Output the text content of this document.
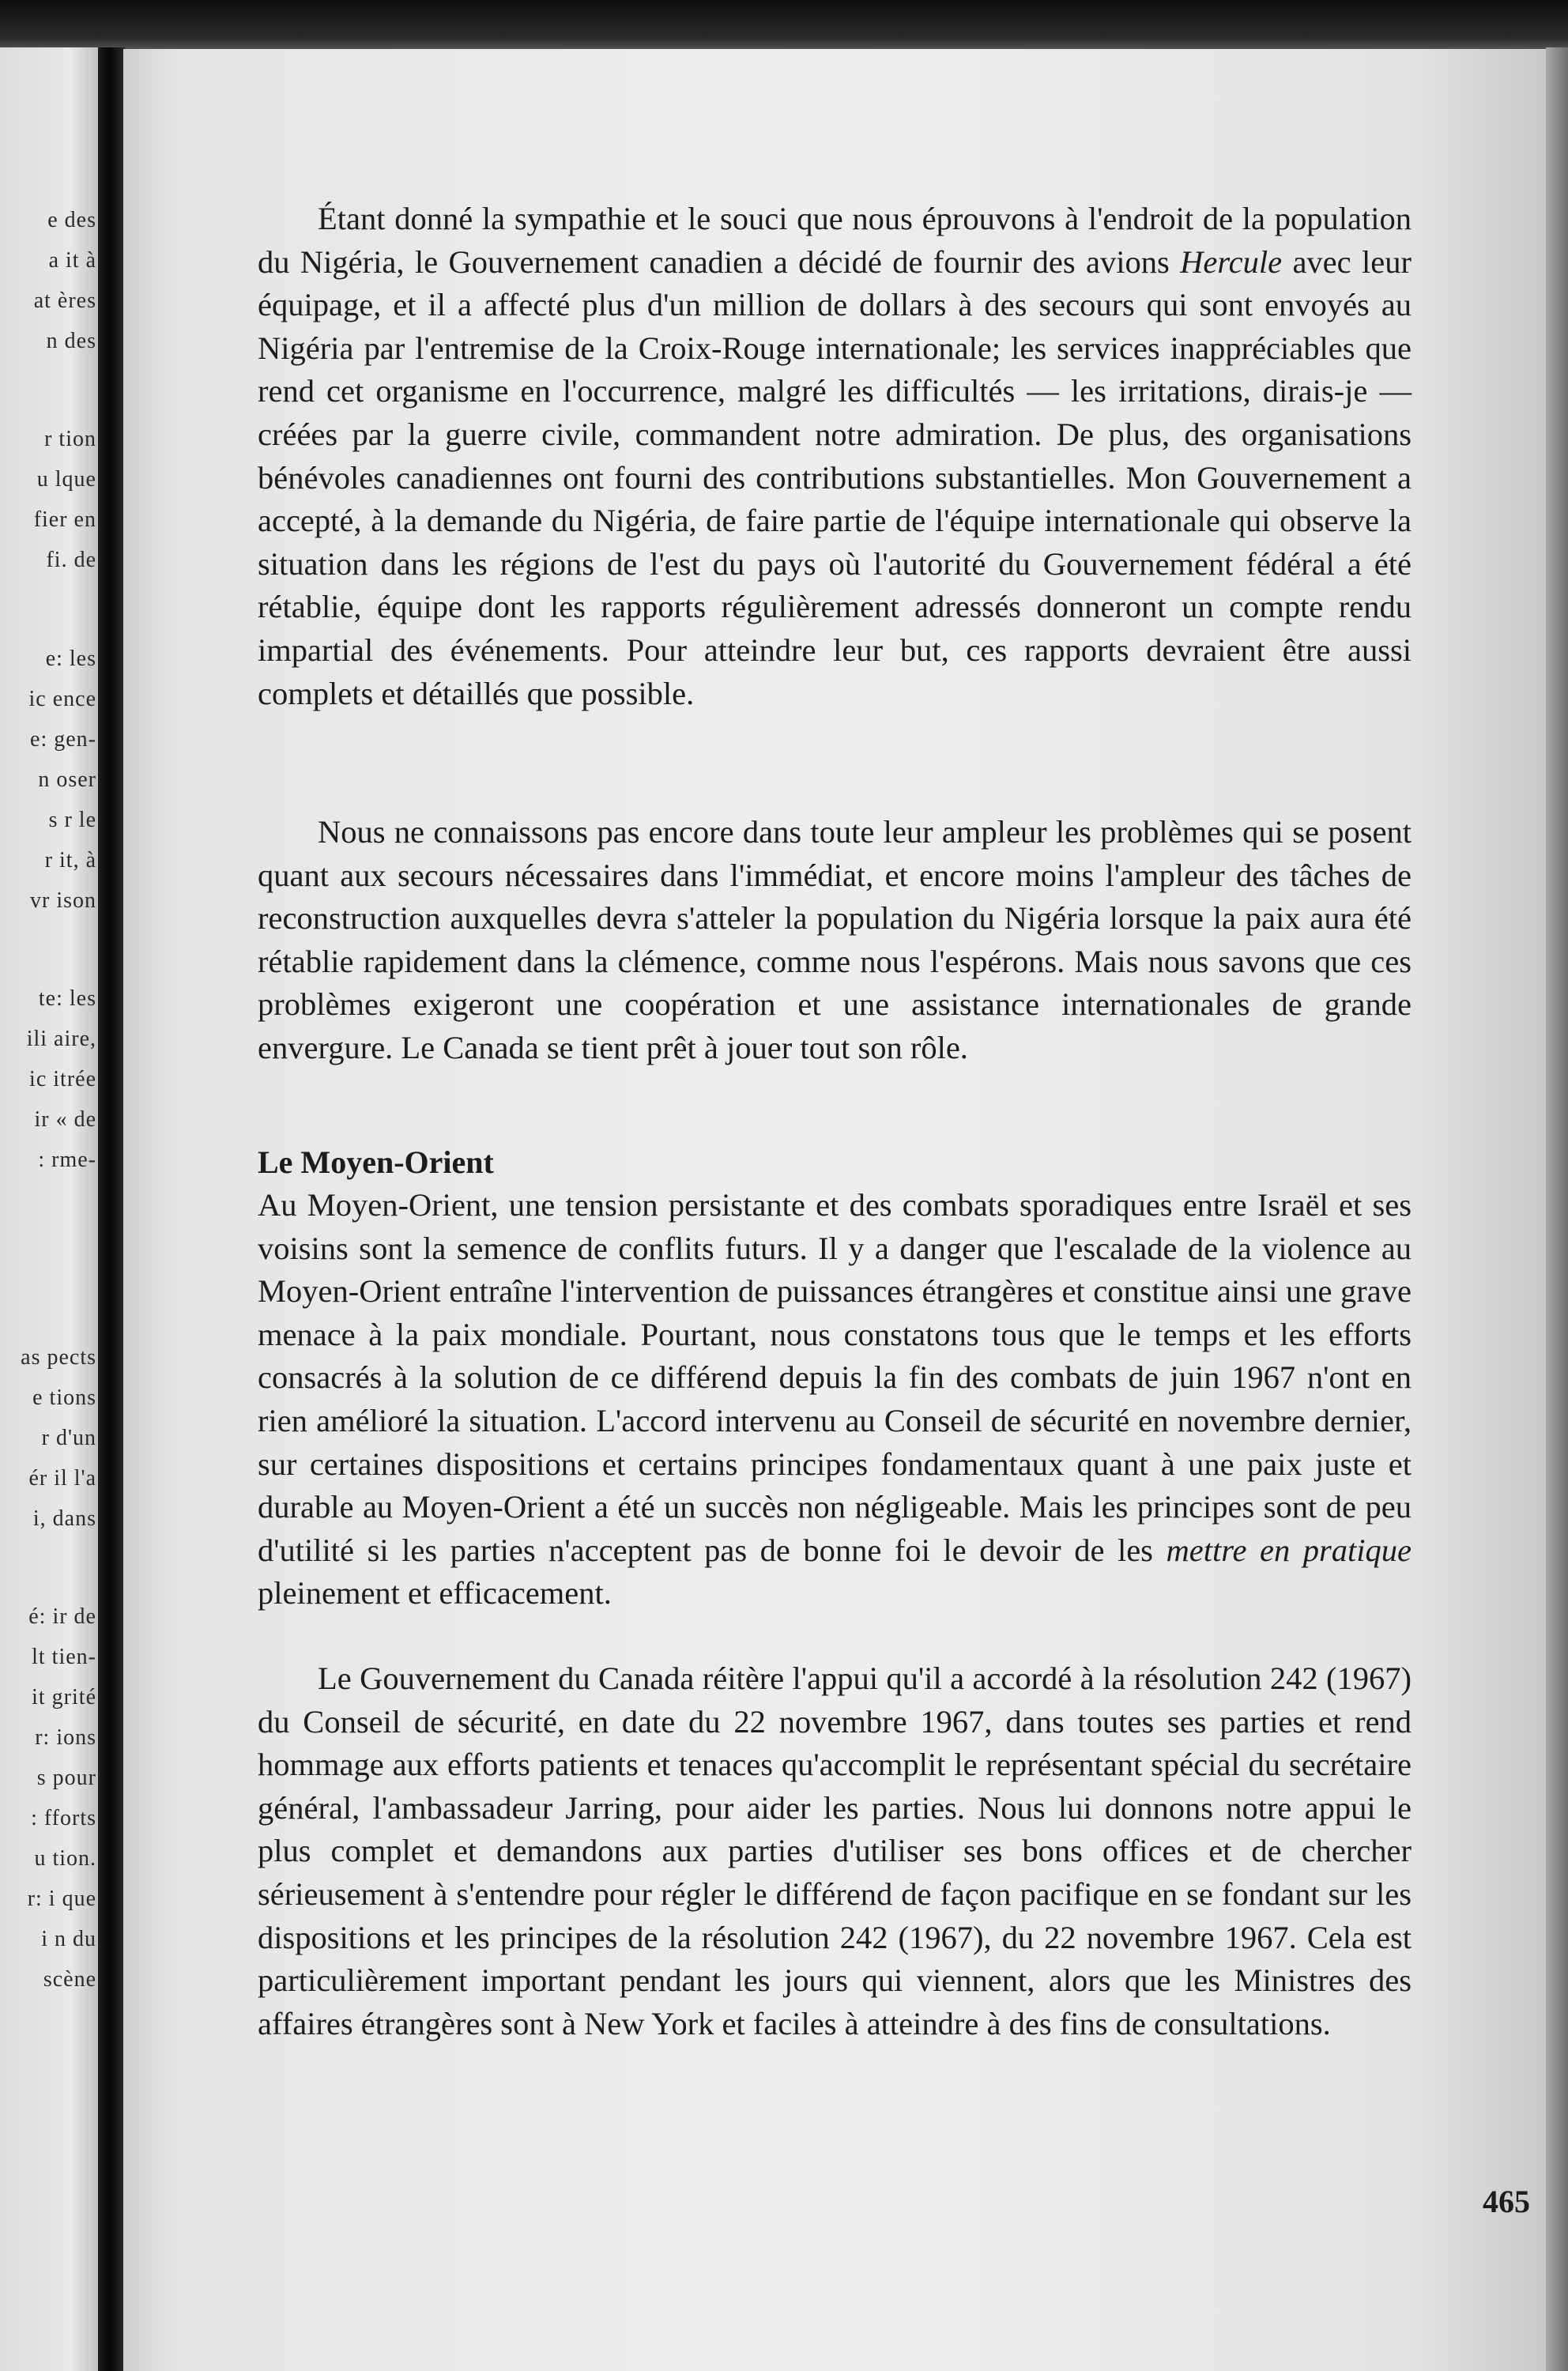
e des
a it à
at ères
n des
r tion
u lque
fier en
fi. de
e: les
ic ence
e: gen-
n oser
s r le
r it, à
vr ison
te: les
ili aire,
ic itrée
ir « de
: rme-
as pects
e tions
r d'un
ér il l'a
i, dans
é: ir de
lt tien-
it grité
r: ions
s pour
: fforts
u tion.
r: i que
i n du
scène

Étant donné la sympathie et le souci que nous éprouvons à l'endroit de la population du Nigéria, le Gouvernement canadien a décidé de fournir des avions Hercule avec leur équipage, et il a affecté plus d'un million de dollars à des secours qui sont envoyés au Nigéria par l'entremise de la Croix-Rouge internationale; les services inappréciables que rend cet organisme en l'occurrence, malgré les difficultés — les irritations, dirais-je — créées par la guerre civile, commandent notre admiration. De plus, des organisations bénévoles canadiennes ont fourni des contributions substantielles. Mon Gouvernement a accepté, à la demande du Nigéria, de faire partie de l'équipe internationale qui observe la situation dans les régions de l'est du pays où l'autorité du Gouvernement fédéral a été rétablie, équipe dont les rapports régulièrement adressés donneront un compte rendu impartial des événements. Pour atteindre leur but, ces rapports devraient être aussi complets et détaillés que possible.

Nous ne connaissons pas encore dans toute leur ampleur les problèmes qui se posent quant aux secours nécessaires dans l'immédiat, et encore moins l'ampleur des tâches de reconstruction auxquelles devra s'atteler la population du Nigéria lorsque la paix aura été rétablie rapidement dans la clémence, comme nous l'espérons. Mais nous savons que ces problèmes exigeront une coopération et une assistance internationales de grande envergure. Le Canada se tient prêt à jouer tout son rôle.

Le Moyen-Orient

Au Moyen-Orient, une tension persistante et des combats sporadiques entre Israël et ses voisins sont la semence de conflits futurs. Il y a danger que l'escalade de la violence au Moyen-Orient entraîne l'intervention de puissances étrangères et constitue ainsi une grave menace à la paix mondiale. Pourtant, nous constatons tous que le temps et les efforts consacrés à la solution de ce différend depuis la fin des combats de juin 1967 n'ont en rien amélioré la situation. L'accord intervenu au Conseil de sécurité en novembre dernier, sur certaines dispositions et certains principes fondamentaux quant à une paix juste et durable au Moyen-Orient a été un succès non négligeable. Mais les principes sont de peu d'utilité si les parties n'acceptent pas de bonne foi le devoir de les mettre en pratique pleinement et efficacement.

Le Gouvernement du Canada réitère l'appui qu'il a accordé à la résolution 242 (1967) du Conseil de sécurité, en date du 22 novembre 1967, dans toutes ses parties et rend hommage aux efforts patients et tenaces qu'accomplit le représentant spécial du secrétaire général, l'ambassadeur Jarring, pour aider les parties. Nous lui donnons notre appui le plus complet et demandons aux parties d'utiliser ses bons offices et de chercher sérieusement à s'entendre pour régler le différend de façon pacifique en se fondant sur les dispositions et les principes de la résolution 242 (1967), du 22 novembre 1967. Cela est particulièrement important pendant les jours qui viennent, alors que les Ministres des affaires étrangères sont à New York et faciles à atteindre à des fins de consultations.

465
